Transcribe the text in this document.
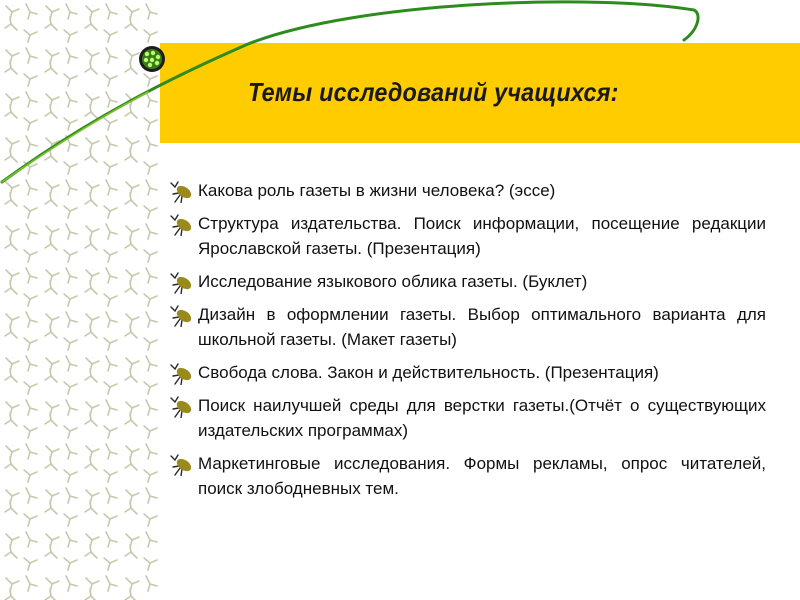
Темы исследований учащихся:
Какова роль газеты в жизни человека? (эссе)
Структура издательства. Поиск информации, посещение редакции Ярославской газеты. (Презентация)
Исследование языкового облика газеты. (Буклет)
Дизайн в оформлении газеты. Выбор оптимального варианта для школьной газеты. (Макет газеты)
Свобода слова. Закон и действительность. (Презентация)
Поиск наилучшей среды для верстки газеты.(Отчёт о существующих издательских программах)
Маркетинговые исследования. Формы рекламы, опрос читателей, поиск злободневных тем.
